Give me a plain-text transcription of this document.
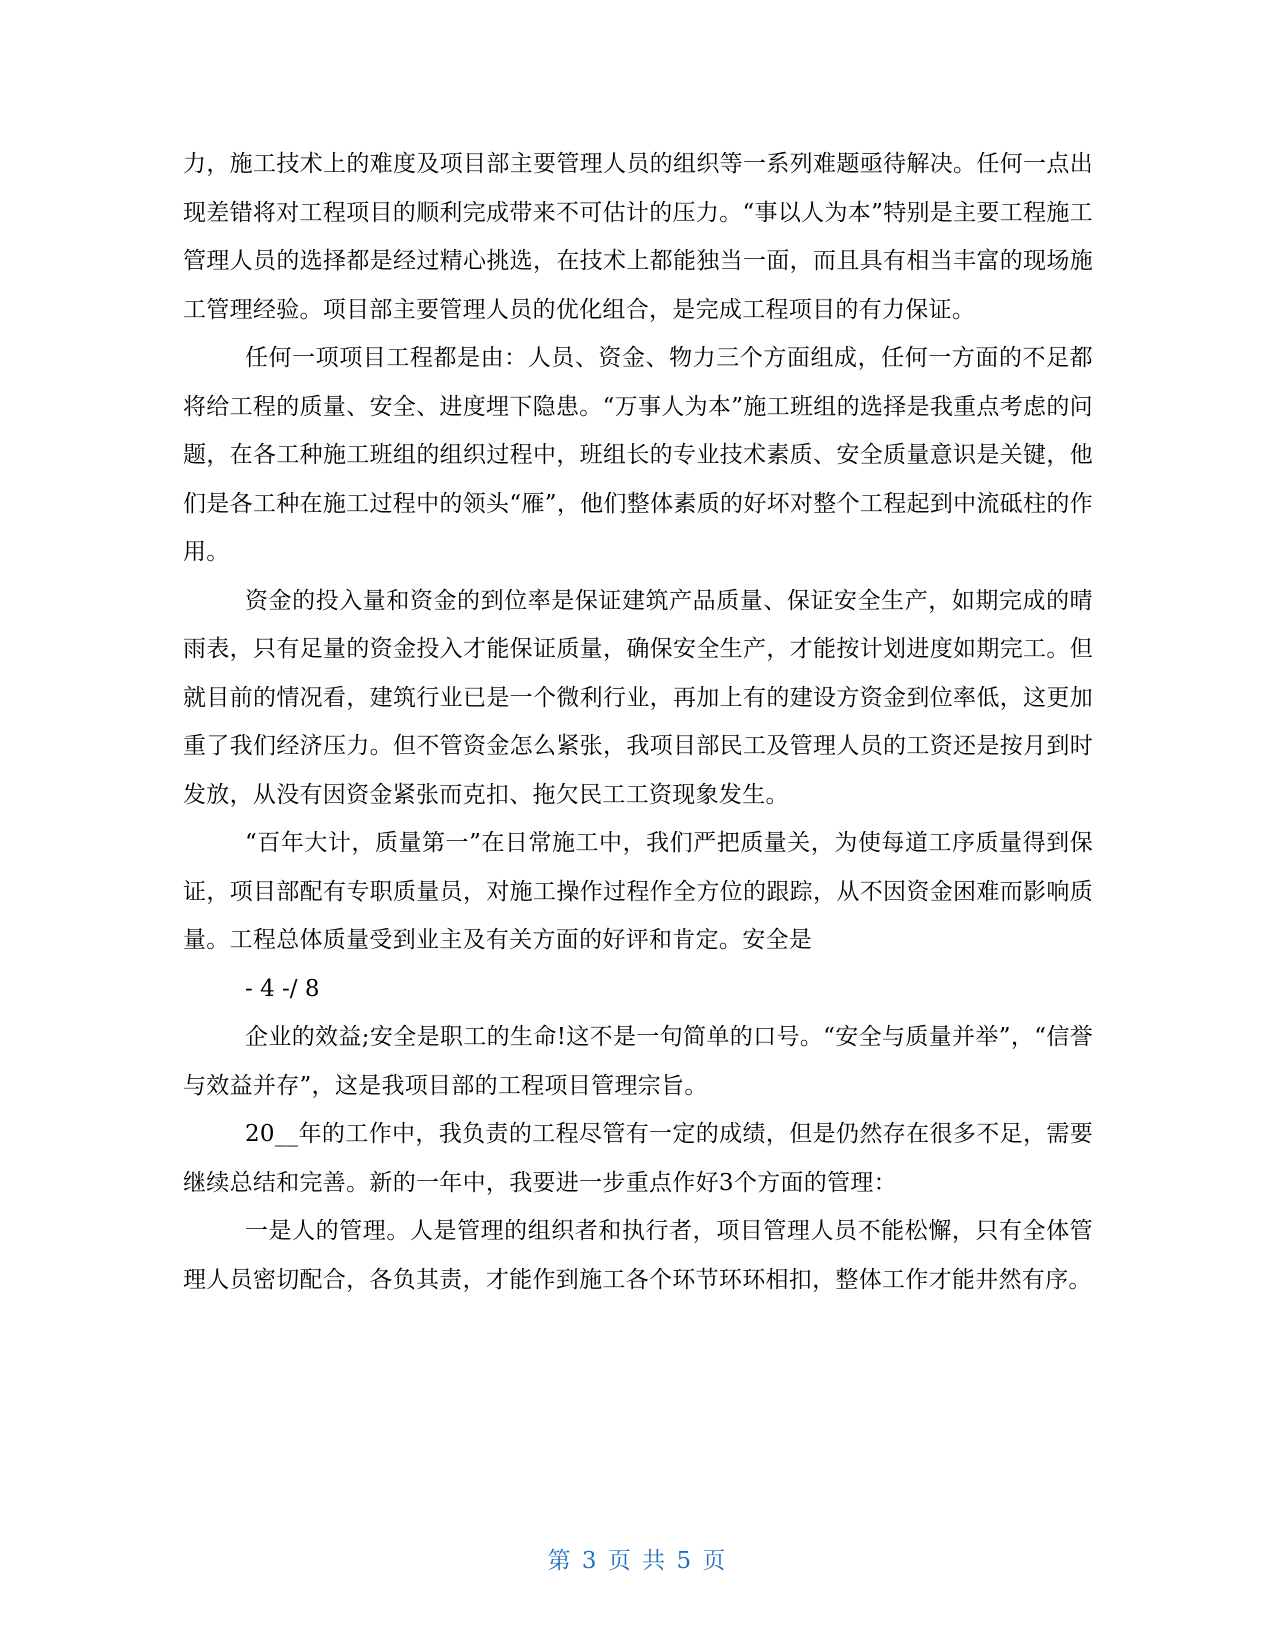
力，施工技术上的难度及项目部主要管理人员的组织等一系列难题亟待解决。任何一点出现差错将对工程项目的顺利完成带来不可估计的压力。“事以人为本”特别是主要工程施工管理人员的选择都是经过精心挑选，在技术上都能独当一面，而且具有相当丰富的现场施工管理经验。项目部主要管理人员的优化组合，是完成工程项目的有力保证。

任何一项项目工程都是由：人员、资金、物力三个方面组成，任何一方面的不足都将给工程的质量、安全、进度埋下隐患。“万事人为本”施工班组的选择是我重点考虑的问题，在各工种施工班组的组织过程中，班组长的专业技术素质、安全质量意识是关键，他们是各工种在施工过程中的领头“雁”，他们整体素质的好坏对整个工程起到中流砥柱的作用。

资金的投入量和资金的到位率是保证建筑产品质量、保证安全生产，如期完成的晴雨表，只有足量的资金投入才能保证质量，确保安全生产，才能按计划进度如期完工。但就目前的情况看，建筑行业已是一个微利行业，再加上有的建设方资金到位率低，这更加重了我们经济压力。但不管资金怎么紧张，我项目部民工及管理人员的工资还是按月到时发放，从没有因资金紧张而克扣、拖欠民工工资现象发生。

“百年大计，质量第一”在日常施工中，我们严把质量关，为使每道工序质量得到保证，项目部配有专职质量员，对施工操作过程作全方位的跟踪，从不因资金困难而影响质量。工程总体质量受到业主及有关方面的好评和肯定。安全是

- 4 -/ 8

企业的效益;安全是职工的生命!这不是一句简单的口号。“安全与质量并举”，“信誉与效益并存”，这是我项目部的工程项目管理宗旨。

20__年的工作中，我负责的工程尽管有一定的成绩，但是仍然存在很多不足，需要继续总结和完善。新的一年中，我要进一步重点作好3个方面的管理：

一是人的管理。人是管理的组织者和执行者，项目管理人员不能松懈，只有全体管理人员密切配合，各负其责，才能作到施工各个环节环环相扣，整体工作才能井然有序。

第 3 页 共 5 页
